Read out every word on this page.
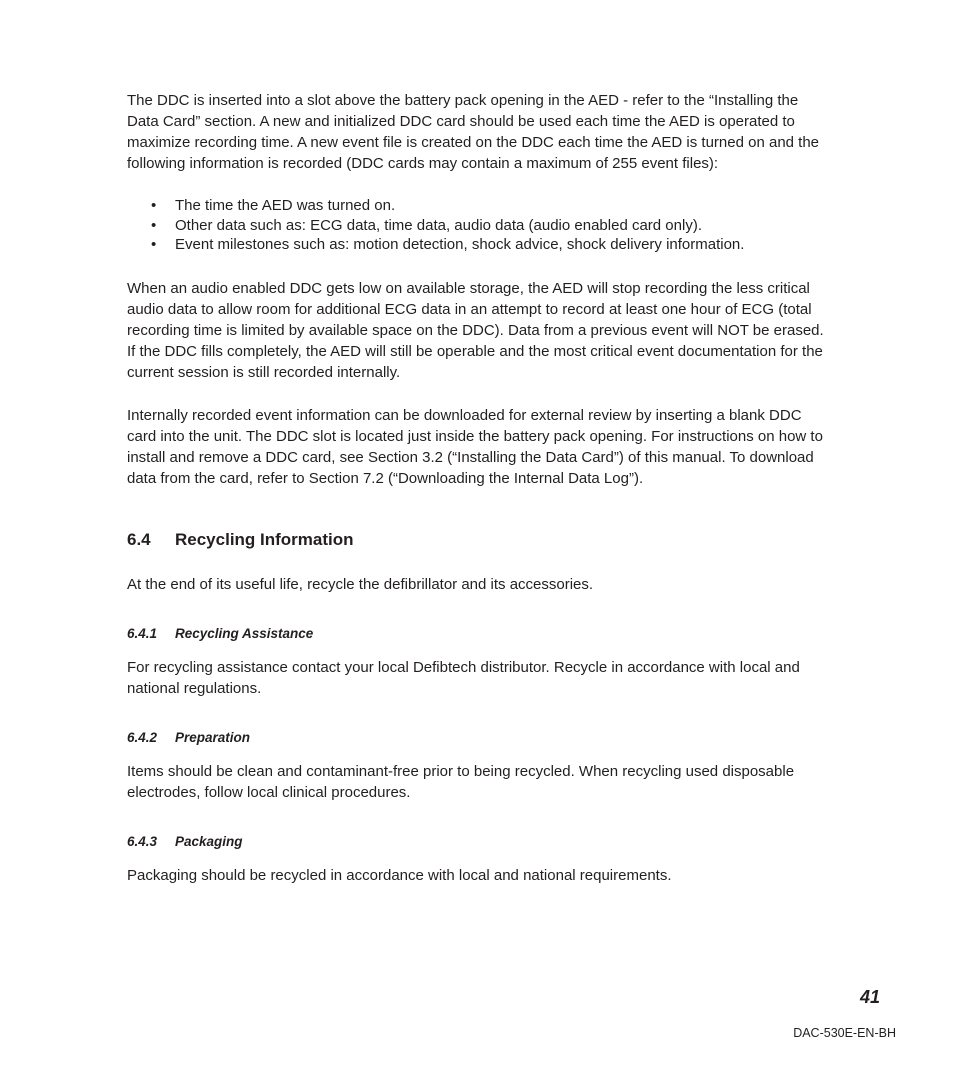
The DDC is inserted into a slot above the battery pack opening in the AED - refer to the “Installing the Data Card” section. A new and initialized DDC card should be used each time the AED is operated to maximize recording time. A new event file is created on the DDC each time the AED is turned on and the following information is recorded (DDC cards may contain a maximum of 255 event files):

• The time the AED was turned on.
• Other data such as: ECG data, time data, audio data (audio enabled card only).
• Event milestones such as: motion detection, shock advice, shock delivery information.

When an audio enabled DDC gets low on available storage, the AED will stop recording the less critical audio data to allow room for additional ECG data in an attempt to record at least one hour of ECG (total recording time is limited by available space on the DDC). Data from a previous event will NOT be erased. If the DDC fills completely, the AED will still be operable and the most critical event documentation for the current session is still recorded internally.

Internally recorded event information can be downloaded for external review by inserting a blank DDC card into the unit. The DDC slot is located just inside the battery pack opening. For instructions on how to install and remove a DDC card, see Section 3.2 (“Installing the Data Card”) of this manual. To download data from the card, refer to Section 7.2 (“Downloading the Internal Data Log”).

6.4 Recycling Information

At the end of its useful life, recycle the defibrillator and its accessories.

6.4.1 Recycling Assistance

For recycling assistance contact your local Defibtech distributor. Recycle in accordance with local and national regulations.

6.4.2 Preparation

Items should be clean and contaminant-free prior to being recycled. When recycling used disposable electrodes, follow local clinical procedures.

6.4.3 Packaging

Packaging should be recycled in accordance with local and national requirements.

41
DAC-530E-EN-BH
